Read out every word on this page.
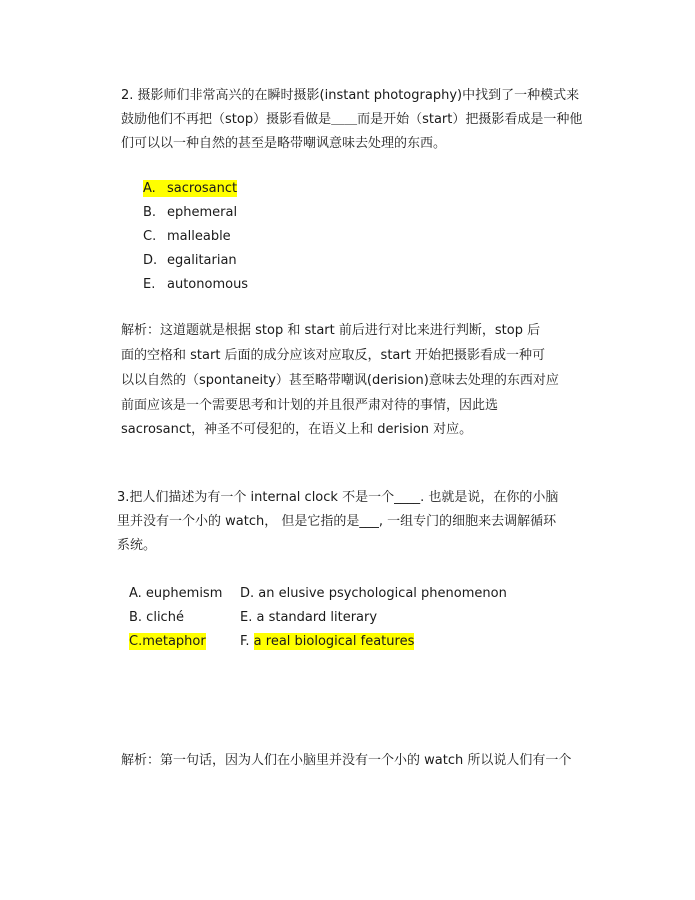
2. 摄影师们非常高兴的在瞬时摄影(instant photography)中找到了一种模式来
鼓励他们不再把（stop）摄影看做是＿＿而是开始（start）把摄影看成是一种他
们可以以一种自然的甚至是略带嘲讽意味去处理的东西。
A. sacrosanct
B. ephemeral
C. malleable
D. egalitarian
E. autonomous
解析：这道题就是根据 stop 和 start 前后进行对比来进行判断，stop 后
面的空格和 start 后面的成分应该对应取反，start 开始把摄影看成一种可
以以自然的（spontaneity）甚至略带嘲讽(derision)意味去处理的东西对应
前面应该是一个需要思考和计划的并且很严肃对待的事情，因此选
sacrosanct，神圣不可侵犯的，在语义上和 derision 对应。
3.把人们描述为有一个 internal clock 不是一个____. 也就是说，在你的小脑
里并没有一个小的 watch， 但是它指的是___, 一组专门的细胞来去调解循环
系统。
A. euphemism
B. cliché
C.metaphor
D. an elusive psychological phenomenon
E. a standard literary
F. a real biological features
解析：第一句话，因为人们在小脑里并没有一个小的 watch 所以说人们有一个
